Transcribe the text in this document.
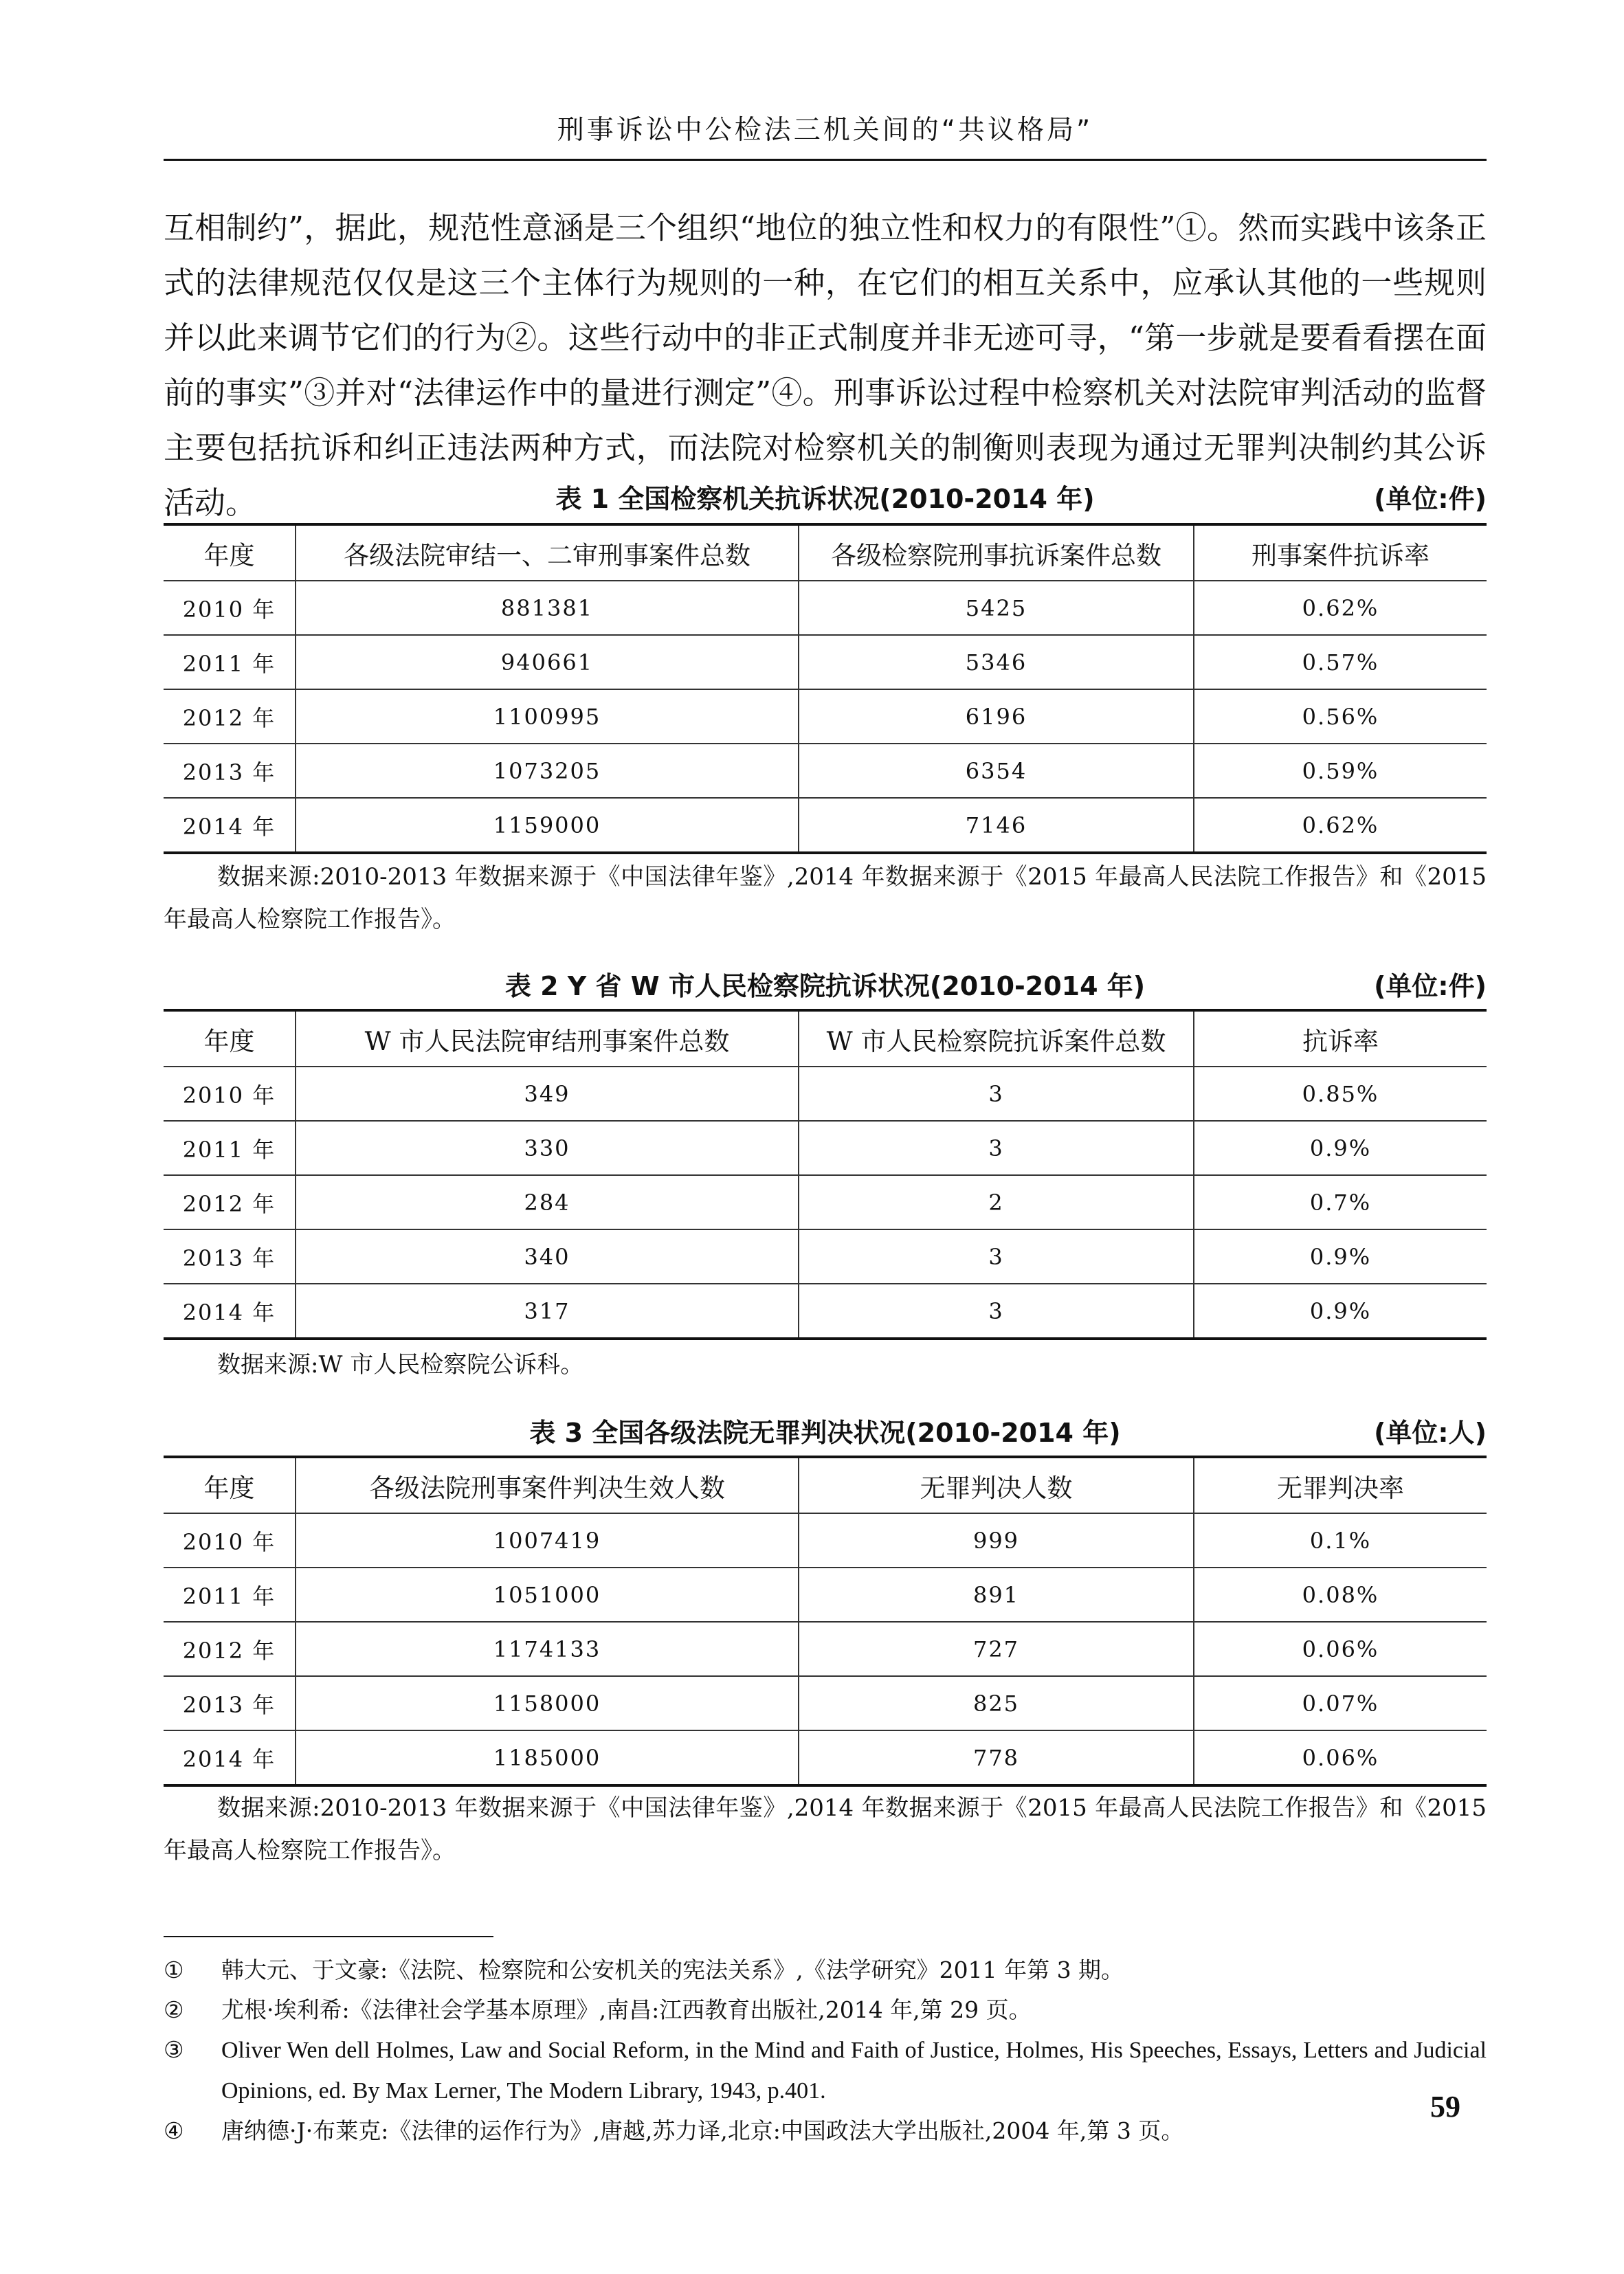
刑事诉讼中公检法三机关间的“共议格局”

互相制约”，据此，规范性意涵是三个组织“地位的独立性和权力的有限性”①。然而实践中该条正式的法律规范仅仅是这三个主体行为规则的一种，在它们的相互关系中，应承认其他的一些规则并以此来调节它们的行为②。这些行动中的非正式制度并非无迹可寻，“第一步就是要看看摆在面前的事实”③并对“法律运作中的量进行测定”④。刑事诉讼过程中检察机关对法院审判活动的监督主要包括抗诉和纠正违法两种方式，而法院对检察机关的制衡则表现为通过无罪判决制约其公诉活动。	表 1 全国检察机关抗诉状况(2010-2014 年)	(单位:件)
年度	各级法院审结一、二审刑事案件总数	各级检察院刑事抗诉案件总数	刑事案件抗诉率
2010 年	881381	5425	0.62%
2011 年	940661	5346	0.57%
2012 年	1100995	6196	0.56%
2013 年	1073205	6354	0.59%
2014 年	1159000	7146	0.62%
数据来源:2010-2013 年数据来源于《中国法律年鉴》,2014 年数据来源于《2015 年最高人民法院工作报告》和《2015 年最高人检察院工作报告》。
表 2 Y 省 W 市人民检察院抗诉状况(2010-2014 年)	(单位:件)
年度	W 市人民法院审结刑事案件总数	W 市人民检察院抗诉案件总数	抗诉率
2010 年	349	3	0.85%
2011 年	330	3	0.9%
2012 年	284	2	0.7%
2013 年	340	3	0.9%
2014 年	317	3	0.9%
数据来源:W 市人民检察院公诉科。
表 3 全国各级法院无罪判决状况(2010-2014 年)	(单位:人)
年度	各级法院刑事案件判决生效人数	无罪判决人数	无罪判决率
2010 年	1007419	999	0.1%
2011 年	1051000	891	0.08%
2012 年	1174133	727	0.06%
2013 年	1158000	825	0.07%
2014 年	1185000	778	0.06%
数据来源:2010-2013 年数据来源于《中国法律年鉴》,2014 年数据来源于《2015 年最高人民法院工作报告》和《2015 年最高人检察院工作报告》。

① 韩大元、于文豪:《法院、检察院和公安机关的宪法关系》,《法学研究》2011 年第 3 期。

② 尤根·埃利希:《法律社会学基本原理》,南昌:江西教育出版社,2014 年,第 29 页。

③ Oliver Wen dell Holmes, Law and Social Reform, in the Mind and Faith of Justice, Holmes, His Speeches, Essays, Letters and Judicial Opinions, ed. By Max Lerner, The Modern Library, 1943, p.401.

④ 唐纳德·J·布莱克:《法律的运作行为》,唐越,苏力译,北京:中国政法大学出版社,2004 年,第 3 页。

59
